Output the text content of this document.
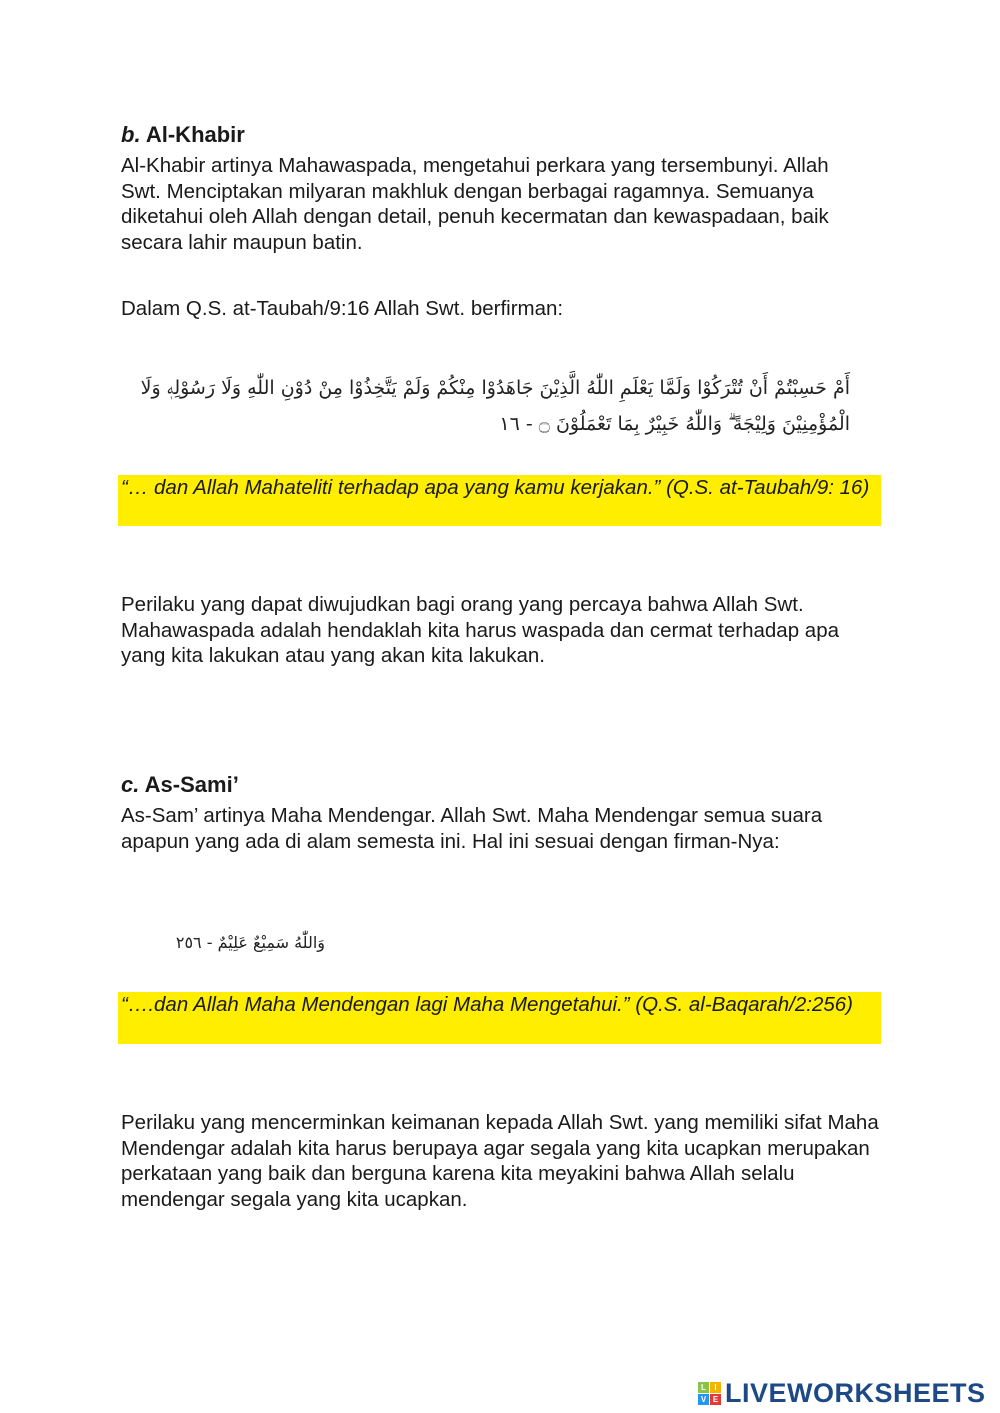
b. Al-Khabir
Al-Khabir artinya Mahawaspada, mengetahui perkara yang tersembunyi. Allah Swt. Menciptakan milyaran makhluk dengan berbagai ragamnya. Semuanya diketahui oleh Allah dengan detail, penuh kecermatan dan kewaspadaan, baik secara lahir maupun batin.
Dalam Q.S. at-Taubah/9:16 Allah Swt. berfirman:
أَمْ حَسِبْتُمْ أَنْ تُتْرَكُوْا وَلَمَّا يَعْلَمِ اللّٰهُ الَّذِيْنَ جَاهَدُوْا مِنْكُمْ وَلَمْ يَتَّخِذُوْا مِنْ دُوْنِ اللّٰهِ وَلَا رَسُوْلِهٖ وَلَا الْمُؤْمِنِيْنَ وَلِيْجَةً ۗ وَاللّٰهُ خَبِيْرٌ بِمَا تَعْمَلُوْنَ ۝ - ١٦
“… dan Allah Mahateliti terhadap apa yang kamu kerjakan.” (Q.S. at-Taubah/9: 16)
Perilaku yang dapat diwujudkan bagi orang yang percaya bahwa Allah Swt. Mahawaspada adalah hendaklah kita harus waspada dan cermat terhadap apa yang kita lakukan atau yang akan kita lakukan.
c. As-Sami’
As-Sam’ artinya Maha Mendengar. Allah Swt. Maha Mendengar semua suara apapun yang ada di alam semesta ini. Hal ini sesuai dengan firman-Nya:
وَاللّٰهُ سَمِيْعٌ عَلِيْمٌ - ٢٥٦
“….dan Allah Maha Mendengan lagi Maha Mengetahui.” (Q.S. al-Baqarah/2:256)
Perilaku yang mencerminkan keimanan kepada Allah Swt. yang memiliki sifat Maha Mendengar adalah kita harus berupaya agar segala yang kita ucapkan merupakan perkataan yang baik dan berguna karena kita meyakini bahwa Allah selalu mendengar segala yang kita ucapkan.
L	I
V E LIVEWORKSHEETS
